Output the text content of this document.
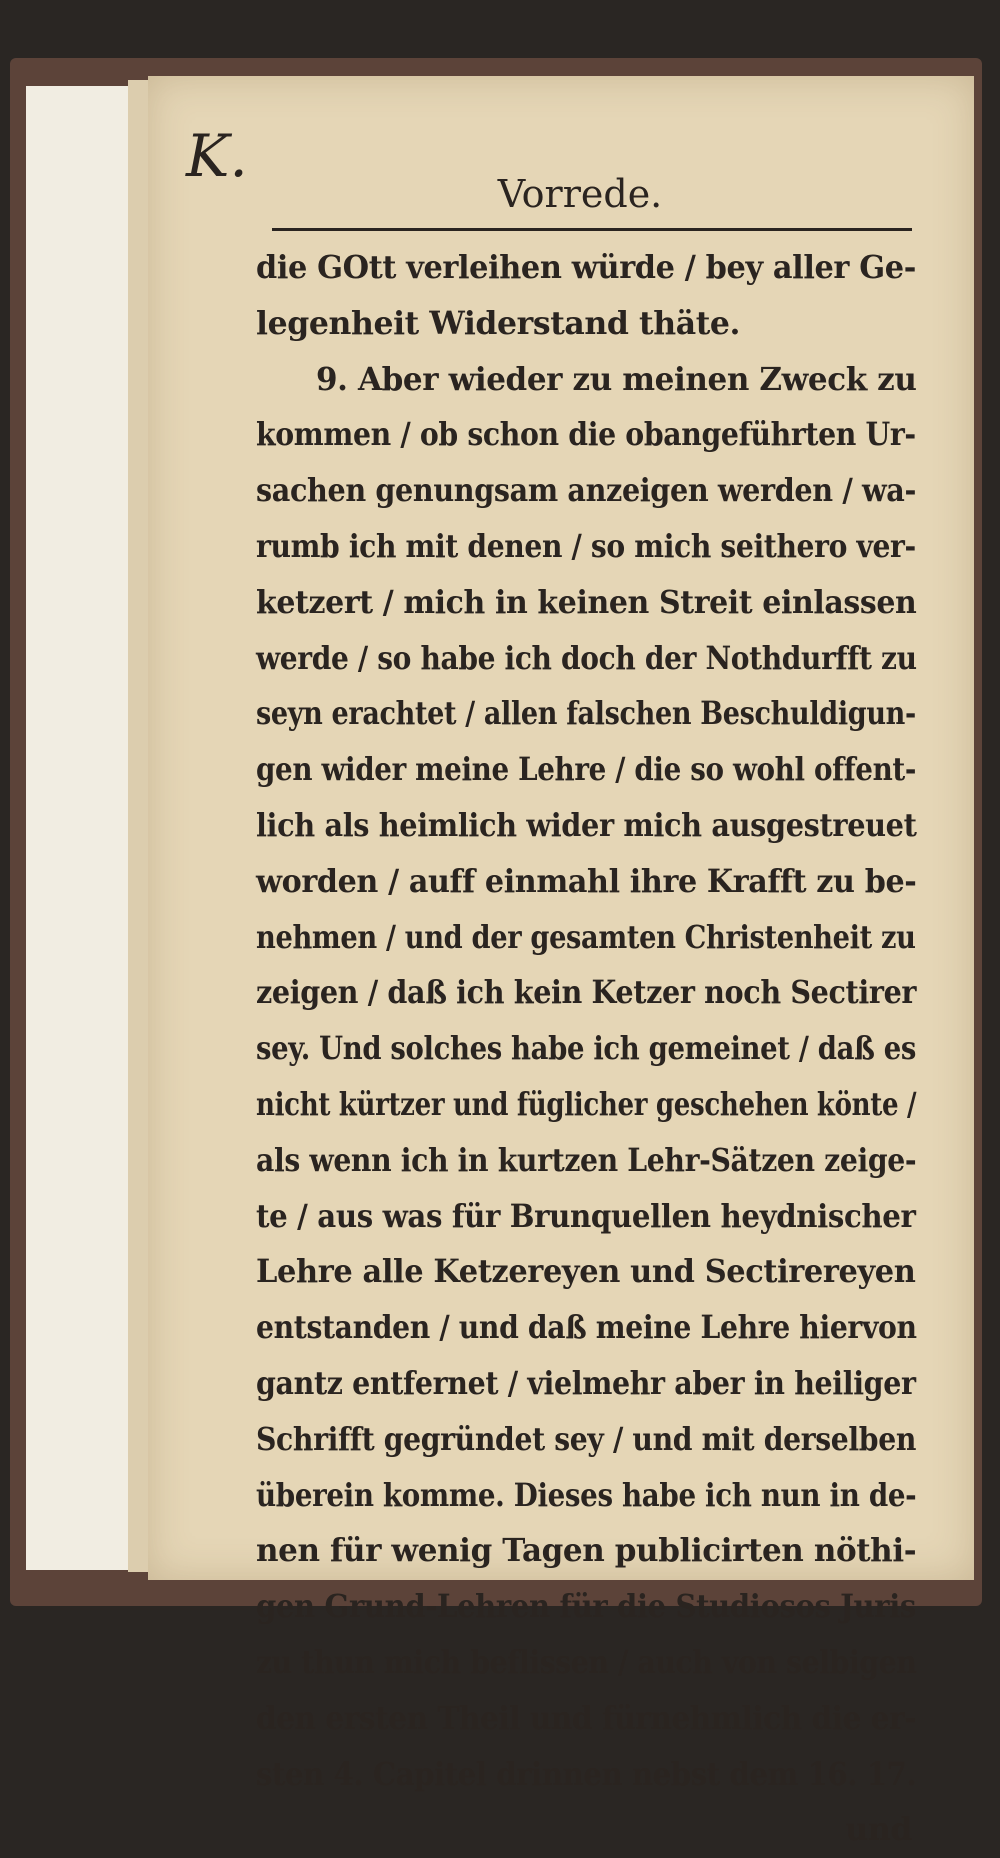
K.

Vorrede.
die GOtt verleihen würde / bey aller Ge-
legenheit Widerstand thäte.
9. Aber wieder zu meinen Zweck zu
kommen / ob schon die obangeführten Ur-
sachen genungsam anzeigen werden / wa-
rumb ich mit denen / so mich seithero ver-
ketzert / mich in keinen Streit einlassen
werde / so habe ich doch der Nothdurfft zu
seyn erachtet / allen falschen Beschuldigun-
gen wider meine Lehre / die so wohl offent-
lich als heimlich wider mich ausgestreuet
worden / auff einmahl ihre Krafft zu be-
nehmen / und der gesamten Christenheit zu
zeigen / daß ich kein Ketzer noch Sectirer
sey. Und solches habe ich gemeinet / daß es
nicht kürtzer und füglicher geschehen könte /
als wenn ich in kurtzen Lehr-Sätzen zeige-
te / aus was für Brunquellen heydnischer
Lehre alle Ketzereyen und Sectirereyen
entstanden / und daß meine Lehre hiervon
gantz entfernet / vielmehr aber in heiliger
Schrifft gegründet sey / und mit derselben
überein komme. Dieses habe ich nun in de-
nen für wenig Tagen publicirten nöthi-
gen Grund-Lehren für die Studiosos Juris
zu thun mich beflissen / auch von selbigen
den ersten Theil und fürnehmlich die er-
sten 4. Capitel drinnen nebst dem 16. 17.
und
